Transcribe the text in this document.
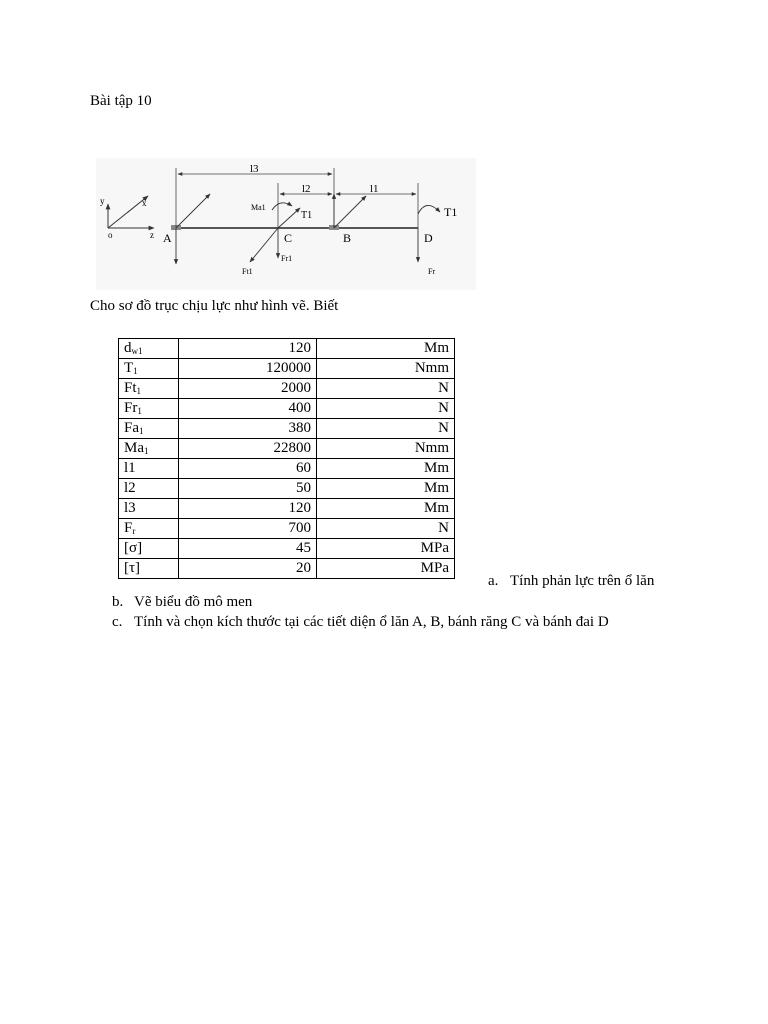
Bài tập 10
y	x
o	z
l3
l2	l1
A	C	B	D
Ma1
T1	T1
Ft1
Fr1
Fr
Cho sơ đồ trục chịu lực như hình vẽ. Biết
$d_{w1}$	120	Mm
$T_1$	120000	Nmm
$Ft_1$	2000	N
$Fr_1$	400	N
$Fa_1$	380	N
$Ma_1$	22800	Nmm
l1	60	Mm
l2	50	Mm
l3	120	Mm
$F_r$	700	N
[σ]	45	MPa
[τ]	20	MPa
a. Tính phản lực trên ổ lăn
b. Vẽ biểu đồ mô men
c. Tính và chọn kích thước tại các tiết diện ổ lăn A, B, bánh răng C và bánh đai D
